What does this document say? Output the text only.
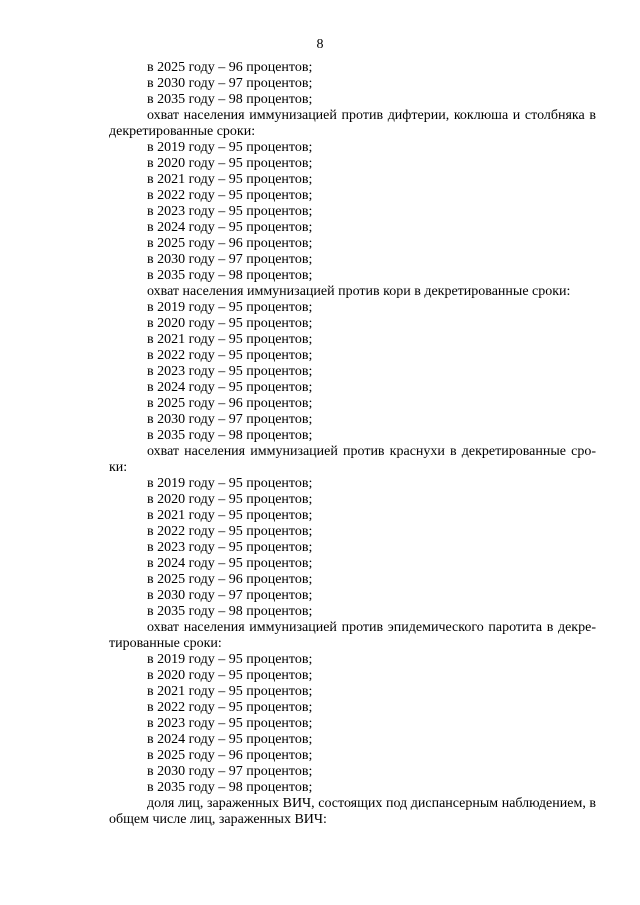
8
в 2025 году – 96 процентов;
в 2030 году – 97 процентов;
в 2035 году – 98 процентов;
охват населения иммунизацией против дифтерии, коклюша и столбняка в
декретированные сроки:
в 2019 году – 95 процентов;
в 2020 году – 95 процентов;
в 2021 году – 95 процентов;
в 2022 году – 95 процентов;
в 2023 году – 95 процентов;
в 2024 году – 95 процентов;
в 2025 году – 96 процентов;
в 2030 году – 97 процентов;
в 2035 году – 98 процентов;
охват населения иммунизацией против кори в декретированные сроки:
в 2019 году – 95 процентов;
в 2020 году – 95 процентов;
в 2021 году – 95 процентов;
в 2022 году – 95 процентов;
в 2023 году – 95 процентов;
в 2024 году – 95 процентов;
в 2025 году – 96 процентов;
в 2030 году – 97 процентов;
в 2035 году – 98 процентов;
охват населения иммунизацией против краснухи в декретированные сро-
ки:
в 2019 году – 95 процентов;
в 2020 году – 95 процентов;
в 2021 году – 95 процентов;
в 2022 году – 95 процентов;
в 2023 году – 95 процентов;
в 2024 году – 95 процентов;
в 2025 году – 96 процентов;
в 2030 году – 97 процентов;
в 2035 году – 98 процентов;
охват населения иммунизацией против эпидемического паротита в декре-
тированные сроки:
в 2019 году – 95 процентов;
в 2020 году – 95 процентов;
в 2021 году – 95 процентов;
в 2022 году – 95 процентов;
в 2023 году – 95 процентов;
в 2024 году – 95 процентов;
в 2025 году – 96 процентов;
в 2030 году – 97 процентов;
в 2035 году – 98 процентов;
доля лиц, зараженных ВИЧ, состоящих под диспансерным наблюдением, в
общем числе лиц, зараженных ВИЧ:
